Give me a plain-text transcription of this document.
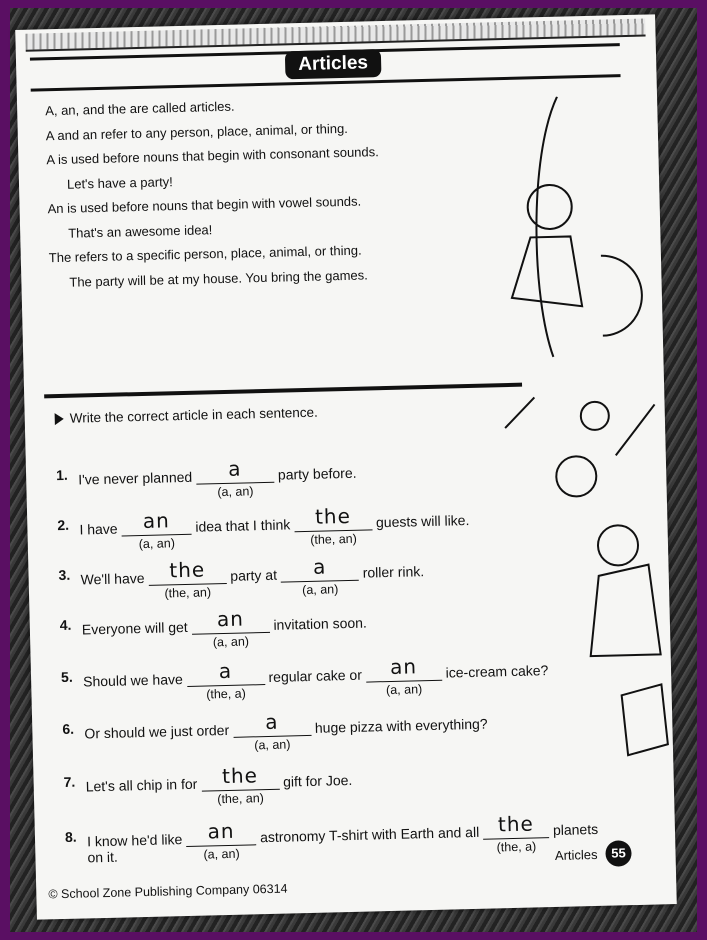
Articles

A, an, and the are called articles.

A and an refer to any person, place, animal, or thing.

A is used before nouns that begin with consonant sounds.

Let's have a party!

An is used before nouns that begin with vowel sounds.

That's an awesome idea!

The refers to a specific person, place, animal, or thing.

The party will be at my house. You bring the games.

Write the correct article in each sentence.
1. I've never planned	a
(a, an)
party before.
2. I have	an
(a, an)
idea that I think	the
(the, an)
guests will like.
3. We'll have	the
(the, an)
party at	a
(a, an)
roller rink.
4. Everyone will get	an
(a, an)
invitation soon.
5. Should we have	a
(the, a)
regular cake or	an
(a, an)
ice-cream cake?
6. Or should we just order	a
(a, an)
huge pizza with everything?
7. Let's all chip in for	the
(the, an)
gift for Joe.
8. I know he'd like	an
(a, an)
astronomy T-shirt with Earth and all the
(the, a)
planets
on it.	Articles	55
© School Zone Publishing Company 06314
